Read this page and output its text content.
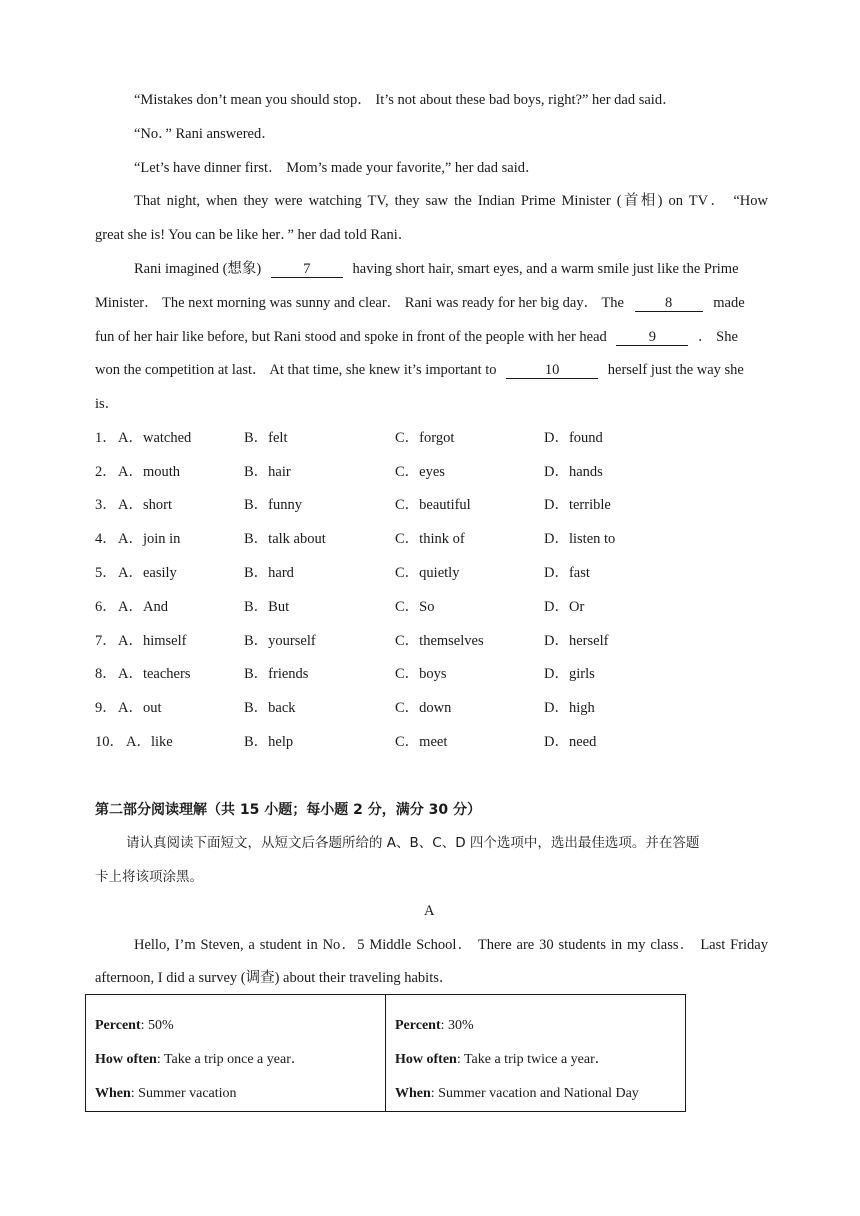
“Mistakes don’t mean you should stop． It’s not about these bad boys, right?” her dad said．
“No．” Rani answered．
“Let’s have dinner first． Mom’s made your favorite,” her dad said．
That night, when they were watching TV, they saw the Indian Prime Minister (首相) on TV． “How
great she is! You can be like her．” her dad told Rani．
Rani imagined (想象)	7	having short hair, smart eyes, and a warm smile just like the Prime
Minister． The next morning was sunny and clear． Rani was ready for her big day． The	8	made
fun of her hair like before, but Rani stood and spoke in front of the people with her head	9	． She
won the competition at last． At that time, she knew it’s important to	10	herself just the way she
is．
1． A．watched	B．felt	C．forgot	D．found
2． A．mouth	B．hair	C．eyes	D．hands
3． A．short	B．funny	C．beautiful	D．terrible
4． A．join in	B．talk about	C．think of	D．listen to
5． A．easily	B．hard	C．quietly	D．fast
6． A．And	B．But	C．So	D．Or
7． A．himself	B．yourself	C．themselves	D．herself
8． A．teachers	B．friends	C．boys	D．girls
9． A．out	B．back	C．down	D．high
10． A．like	B．help	C．meet	D．need
第二部分阅读理解（共 15 小题；每小题 2 分，满分 30 分）
请认真阅读下面短文，从短文后各题所给的 A、B、C、D 四个选项中，选出最佳选项。并在答题
卡上将该项涂黑。
A
Hello, I’m Steven, a student in No．5 Middle School． There are 30 students in my class． Last Friday
afternoon, I did a survey (调查) about their traveling habits．
Percent: 50%
How often: Take a trip once a year．
When: Summer vacation

Percent: 30%
How often: Take a trip twice a year．
When: Summer vacation and National Day
